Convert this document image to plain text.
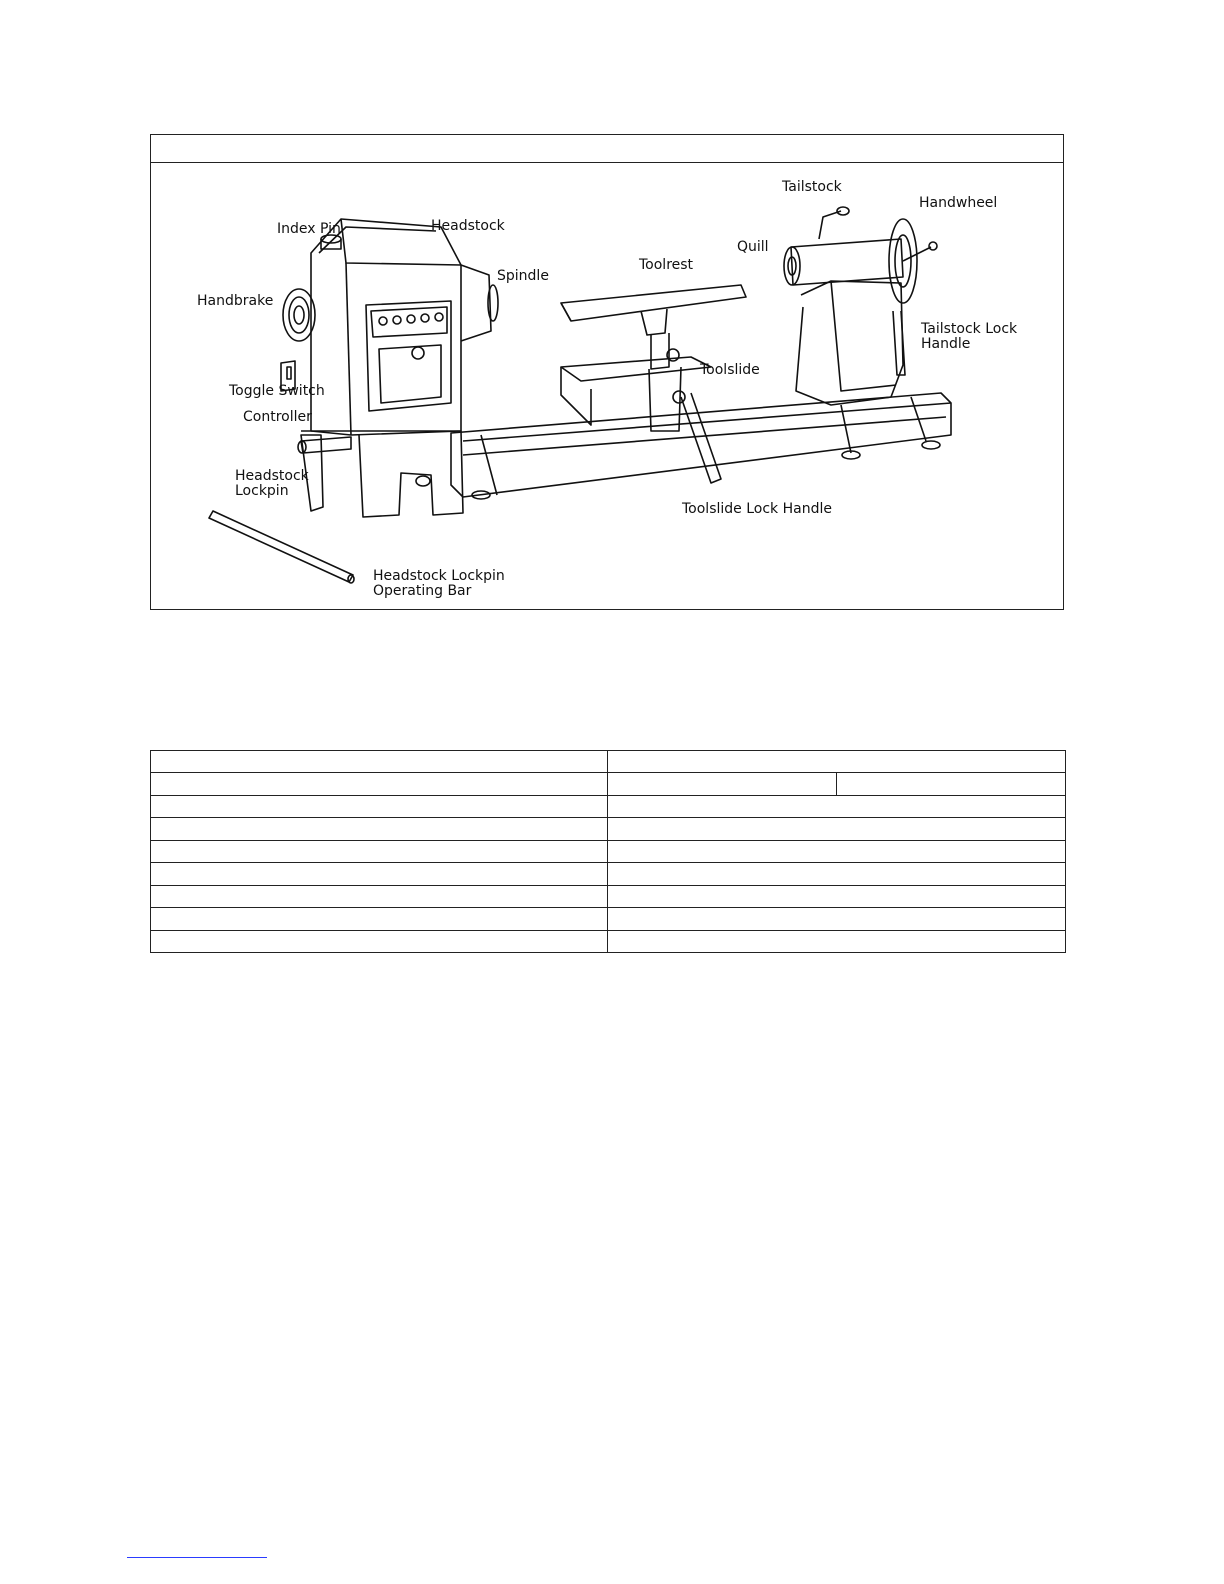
Index Pin	Headstock
Spindle
Handbrake
Toggle Switch
Controller
Headstock
Lockpin
Toolrest
Quill
Tailstock
Handwheel
Tailstock Lock
Handle
Toolslide
Toolslide Lock Handle
Headstock Lockpin
Operating Bar
